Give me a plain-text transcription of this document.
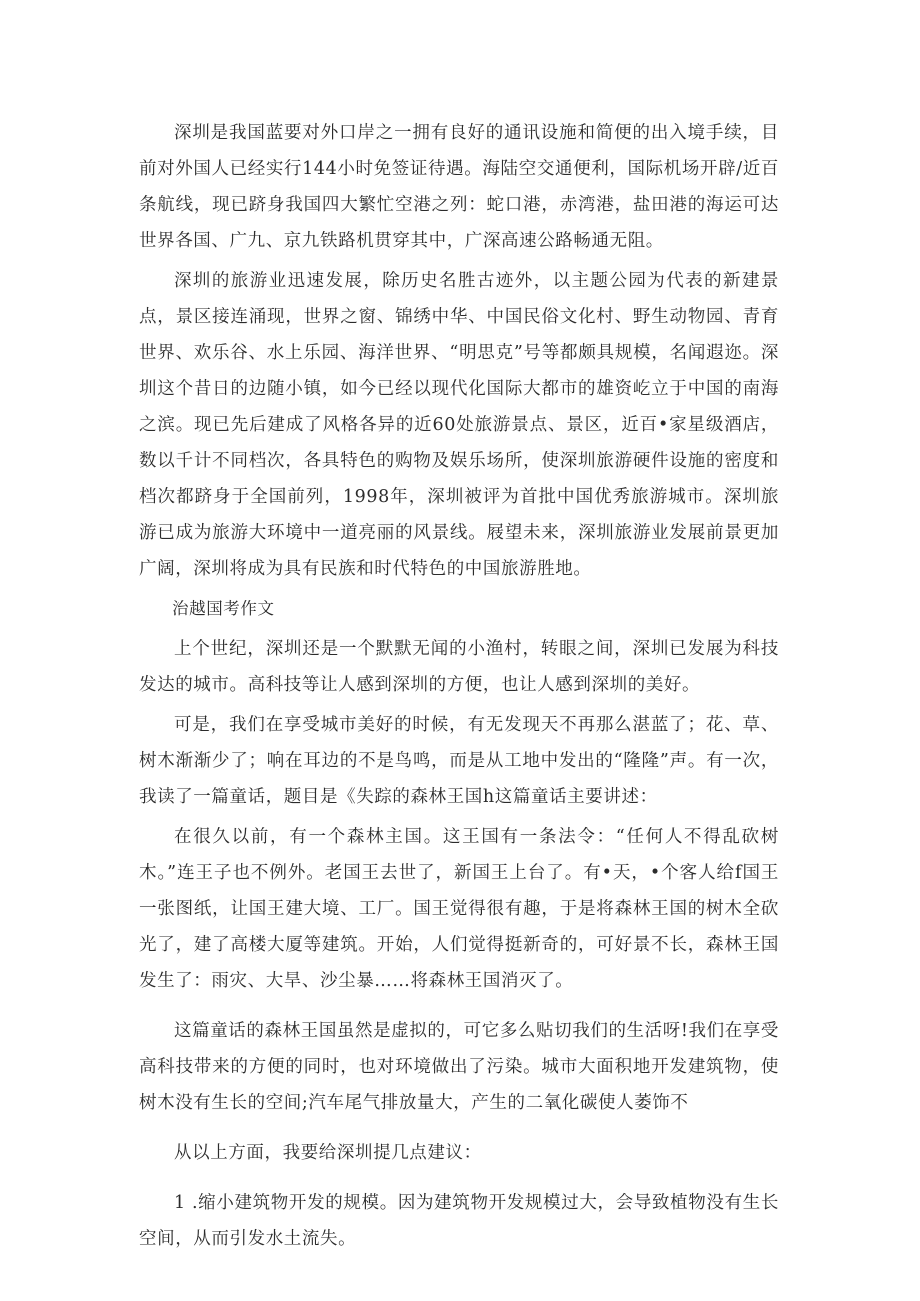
深圳是我国蓝要对外口岸之一拥有良好的通讯设施和简便的出入境手续，目前对外国人已经实行144小时免签证待遇。海陆空交通便利，国际机场开辟/近百条航线，现已跻身我国四大繁忙空港之列：蛇口港，赤湾港，盐田港的海运可达世界各国、广九、京九铁路机贯穿其中，广深高速公路畅通无阻。

深圳的旅游业迅速发展，除历史名胜古迹外，以主题公园为代表的新建景点，景区接连涌现，世界之窗、锦绣中华、中国民俗文化村、野生动物园、青育世界、欢乐谷、水上乐园、海洋世界、“明思克”号等都颇具规模，名闻遐迩。深圳这个昔日的边随小镇，如今已经以现代化国际大都市的雄资屹立于中国的南海之滨。现已先后建成了风格各异的近60处旅游景点、景区，近百•家星级酒店，数以千计不同档次，各具特色的购物及娱乐场所，使深圳旅游硬件设施的密度和档次都跻身于全国前列，1998年，深圳被评为首批中国优秀旅游城市。深圳旅游已成为旅游大环境中一道亮丽的风景线。屐望未来，深圳旅游业发展前景更加广阔，深圳将成为具有民族和时代特色的中国旅游胜地。

治越国考作文

上个世纪，深圳还是一个默默无闻的小渔村，转眼之间，深圳已发展为科技发达的城市。高科技等让人感到深圳的方便，也让人感到深圳的美好。

可是，我们在享受城市美好的时候，有无发现天不再那么湛蓝了；花、草、树木渐渐少了；响在耳边的不是鸟鸣，而是从工地中发出的“隆隆”声。有一次，我读了一篇童话，题目是《失踪的森林王国h这篇童话主要讲述：

在很久以前，有一个森林主国。这王国有一条法令：“任何人不得乱砍树木。”连王子也不例外。老国王去世了，新国王上台了。有•天，•个客人给f国王一张图纸，让国王建大境、工厂。国王觉得很有趣，于是将森林王国的树木全砍光了，建了高楼大厦等建筑。开始，人们觉得挺新奇的，可好景不长，森林王国发生了：雨灾、大旱、沙尘暴……将森林王国消灭了。

这篇童话的森林王国虽然是虚拟的，可它多么贴切我们的生活呀!我们在享受高科技带来的方便的同时，也对环境做出了污染。城市大面积地开发建筑物，使树木没有生长的空间;汽车尾气排放量大，产生的二氧化碳使人萎饰不

从以上方面，我要给深圳提几点建议：

1 .缩小建筑物开发的规模。因为建筑物开发规模过大，会导致植物没有生长空间，从而引发水土流失。
